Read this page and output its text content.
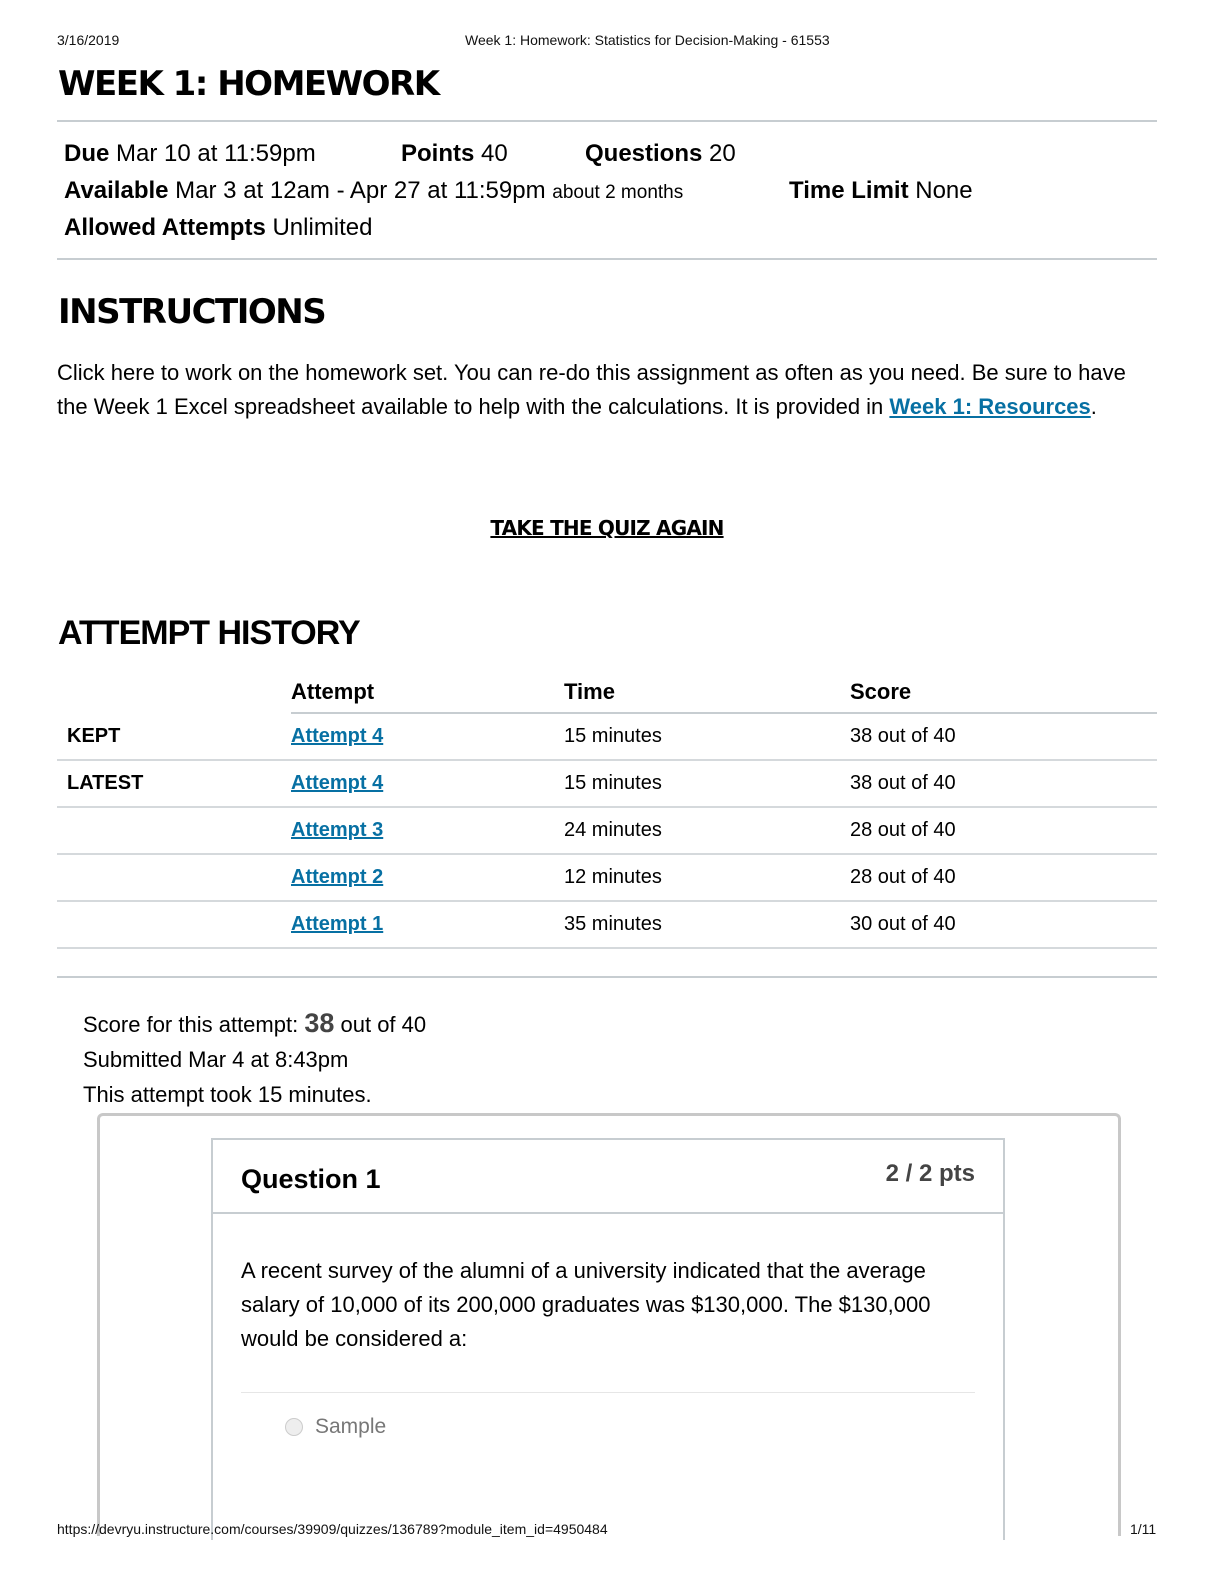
3/16/2019	Week 1: Homework: Statistics for Decision-Making - 61553
WEEK 1: HOMEWORK
Due Mar 10 at 11:59pm	Points 40	Questions 20
Available Mar 3 at 12am - Apr 27 at 11:59pm about 2 months	Time Limit None
Allowed Attempts Unlimited
INSTRUCTIONS
Click here to work on the homework set. You can re-do this assignment as often as you need. Be sure to have the Week 1 Excel spreadsheet available to help with the calculations. It is provided in Week 1: Resources.
TAKE THE QUIZ AGAIN
ATTEMPT HISTORY
	Attempt	Time	Score
KEPT	Attempt 4	15 minutes	38 out of 40
LATEST	Attempt 4	15 minutes	38 out of 40
	Attempt 3	24 minutes	28 out of 40
	Attempt 2	12 minutes	28 out of 40
	Attempt 1	35 minutes	30 out of 40
Score for this attempt: 38 out of 40
Submitted Mar 4 at 8:43pm
This attempt took 15 minutes.
Question 1	2 / 2 pts
A recent survey of the alumni of a university indicated that the average salary of 10,000 of its 200,000 graduates was $130,000. The $130,000 would be considered a:
Sample
https://devryu.instructure.com/courses/39909/quizzes/136789?module_item_id=4950484	1/11
